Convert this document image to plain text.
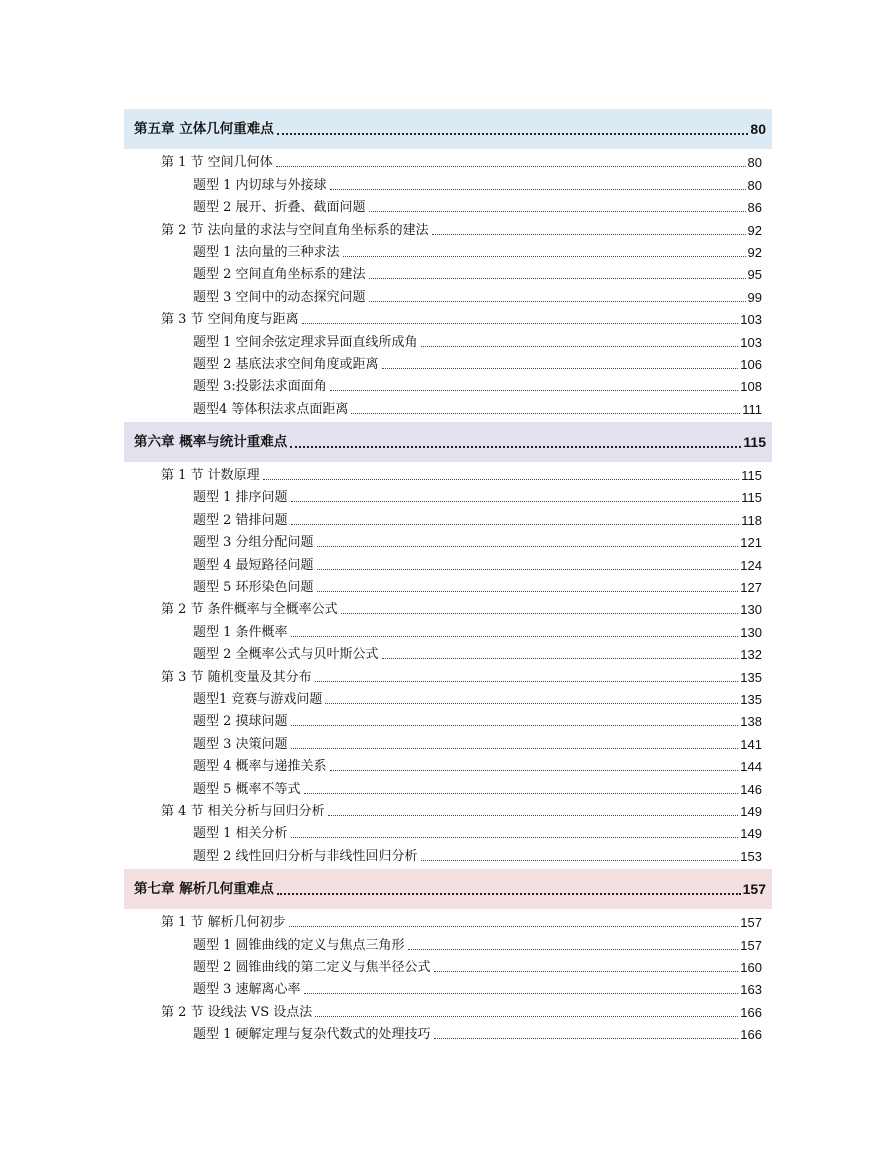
第五章 立体几何重难点	80
第 1 节 空间几何体	80
题型 1 内切球与外接球	80
题型 2 展开、折叠、截面问题	86
第 2 节 法向量的求法与空间直角坐标系的建法	92
题型 1 法向量的三种求法	92
题型 2 空间直角坐标系的建法	95
题型 3 空间中的动态探究问题	99
第 3 节 空间角度与距离	103
题型 1 空间余弦定理求异面直线所成角	103
题型 2 基底法求空间角度或距离	106
题型 3:投影法求面面角	108
题型4 等体积法求点面距离	111
第六章 概率与统计重难点	115
第 1 节 计数原理	115
题型 1 排序问题	115
题型 2 错排问题	118
题型 3 分组分配问题	121
题型 4 最短路径问题	124
题型 5 环形染色问题	127
第 2 节 条件概率与全概率公式	130
题型 1 条件概率	130
题型 2 全概率公式与贝叶斯公式	132
第 3 节 随机变量及其分布	135
题型1 竞赛与游戏问题	135
题型 2 摸球问题	138
题型 3 决策问题	141
题型 4 概率与递推关系	144
题型 5 概率不等式	146
第 4 节 相关分析与回归分析	149
题型 1 相关分析	149
题型 2 线性回归分析与非线性回归分析	153
第七章 解析几何重难点	157
第 1 节 解析几何初步	157
题型 1 圆锥曲线的定义与焦点三角形	157
题型 2 圆锥曲线的第二定义与焦半径公式	160
题型 3 速解离心率	163
第 2 节 设线法 VS 设点法	166
题型 1 硬解定理与复杂代数式的处理技巧	166
